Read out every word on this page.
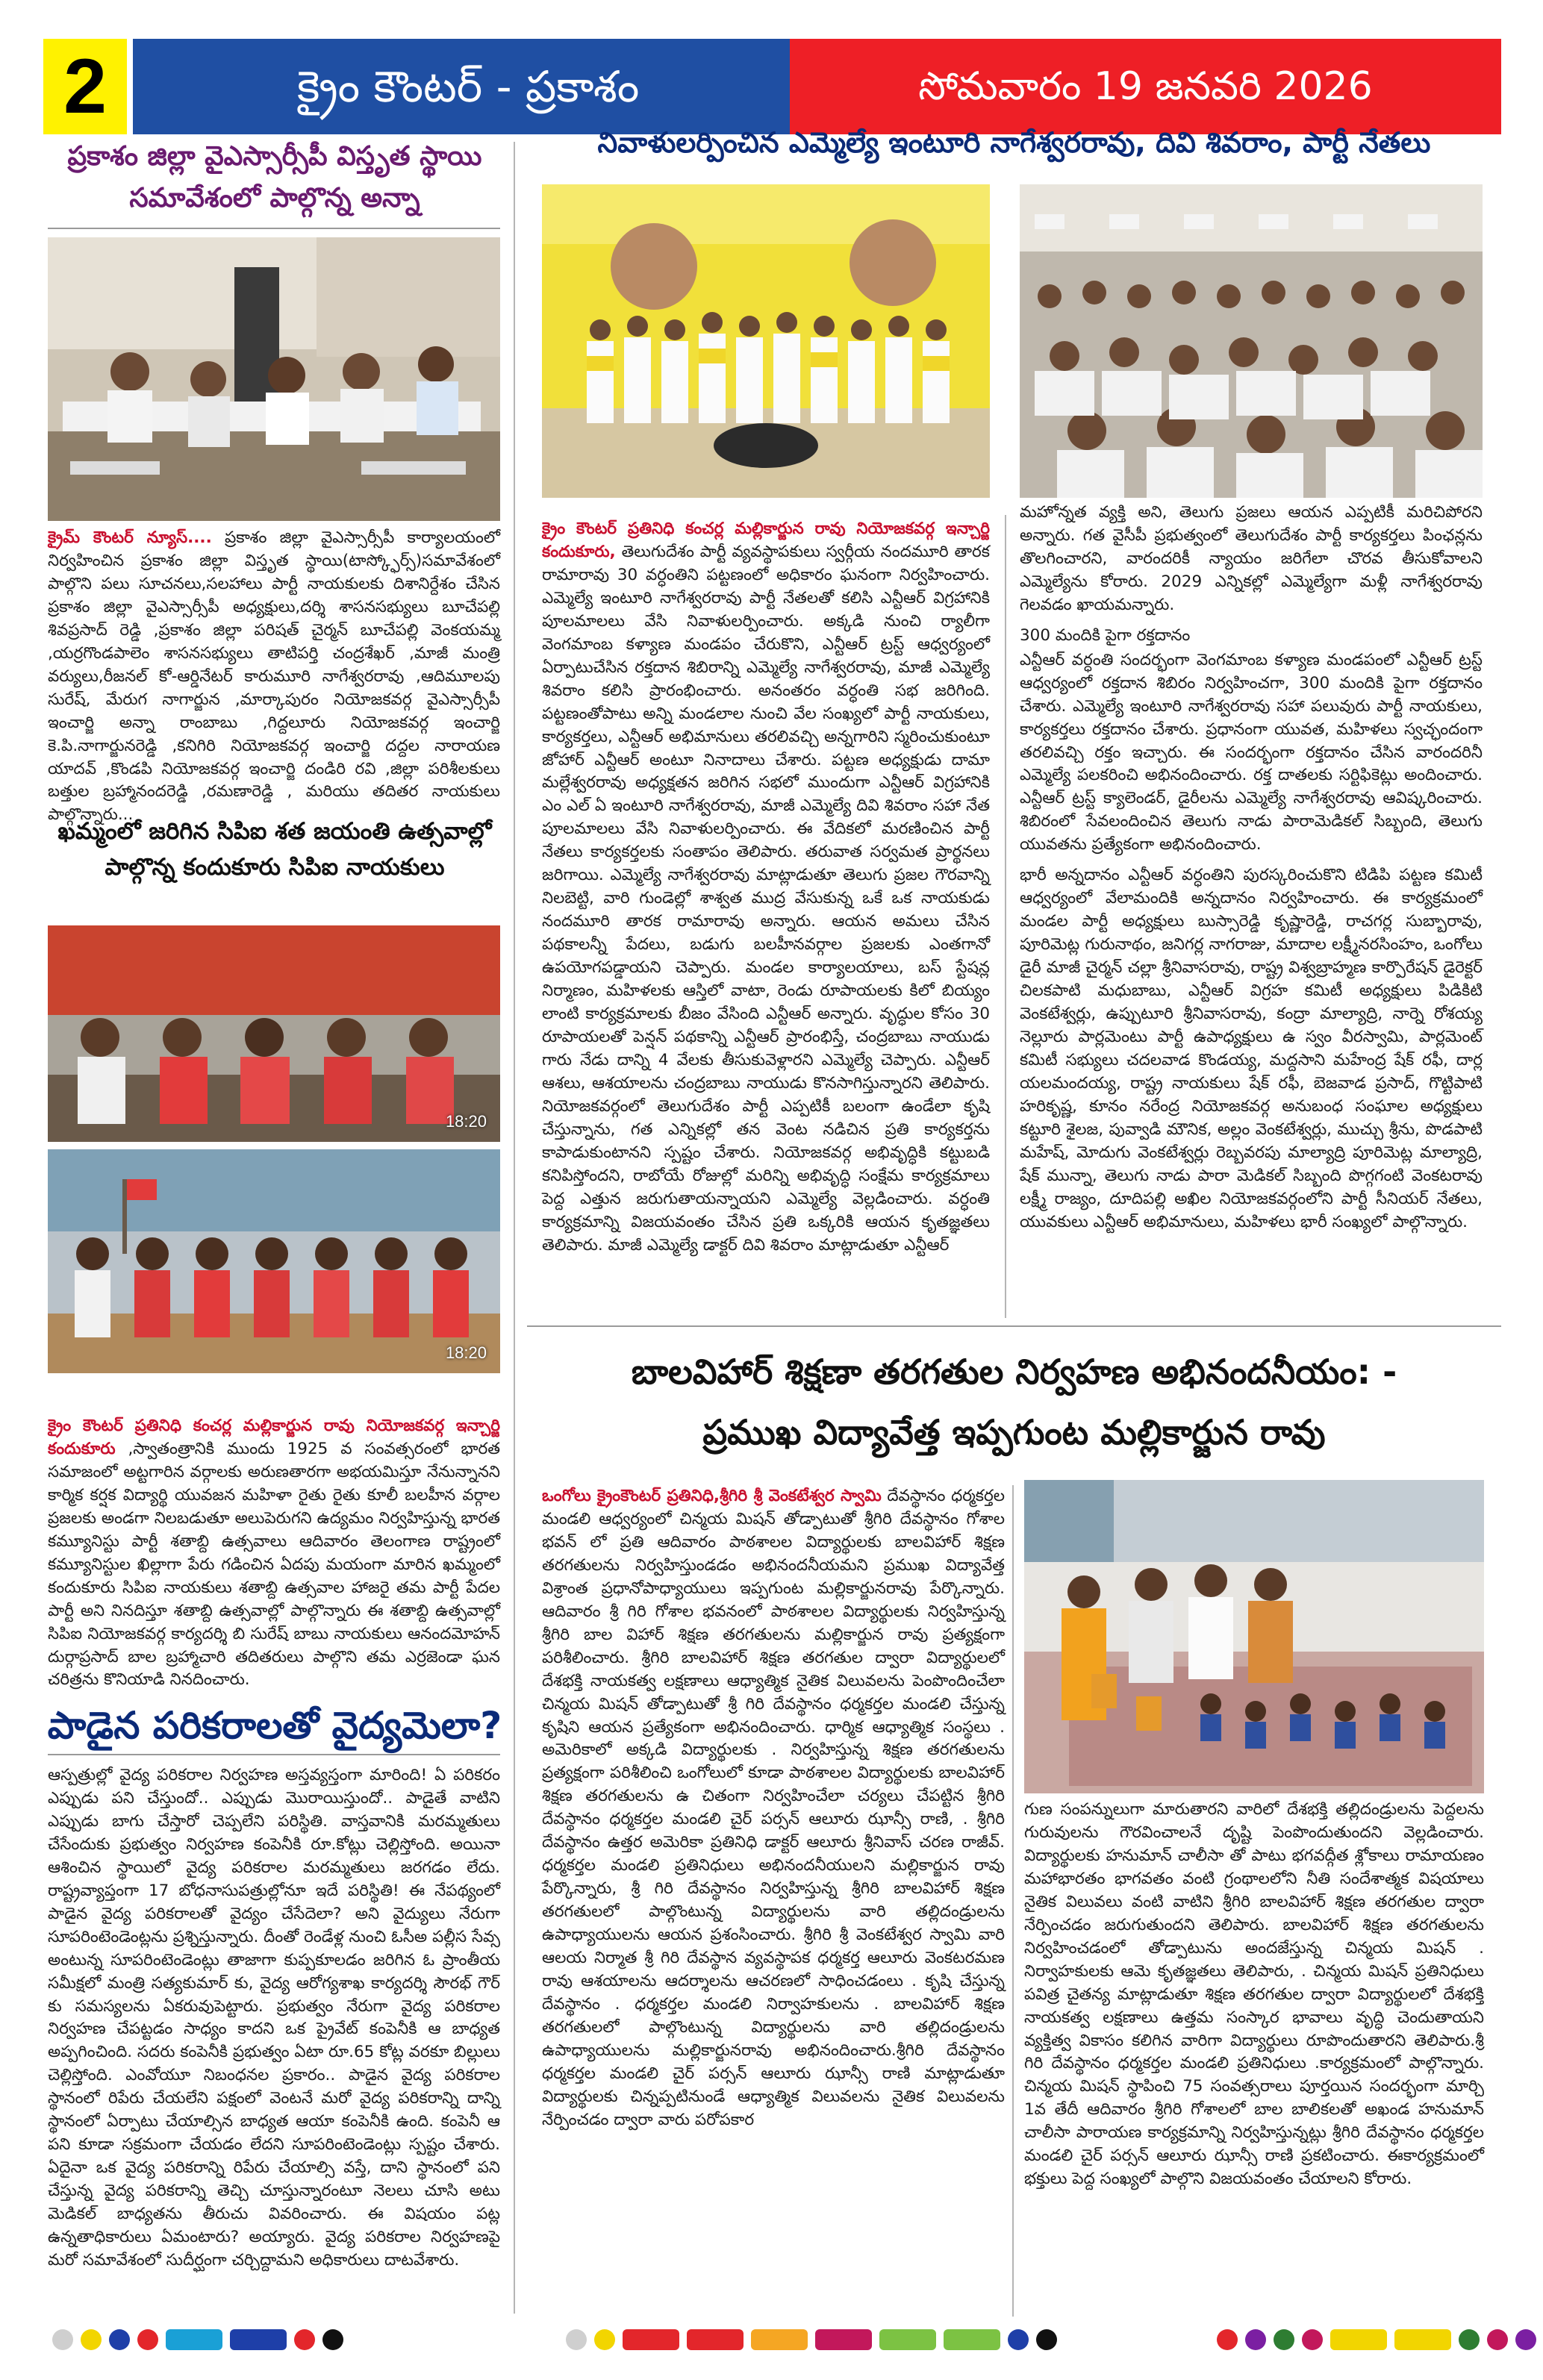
2	క్రైం కౌంటర్ - ప్రకాశం	సోమవారం 19 జనవరి 2026
ప్రకాశం జిల్లా వైఎస్సార్సీపీ విస్తృత స్థాయి
సమావేశంలో పాల్గొన్న అన్నా
క్రైమ్ కౌంటర్ న్యూస్.... ప్రకాశం జిల్లా వైఎస్సార్సీపీ కార్యాలయంలో నిర్వహించిన ప్రకాశం జిల్లా విస్తృత స్థాయి(టాస్క్ఫోర్స్)సమావేశంలో పాల్గొని పలు సూచనలు,సలహాలు పార్టీ నాయకులకు దిశానిర్దేశం చేసిన ప్రకాశం జిల్లా వైఎస్సార్సీపీ అధ్యక్షులు,దర్శి శాసనసభ్యులు బూచేపల్లి శివప్రసాద్ రెడ్డి ,ప్రకాశం జిల్లా పరిషత్ చైర్మన్ బూచేపల్లి వెంకయమ్మ ,యర్రగొండపాలెం శాసనసభ్యులు తాటిపర్తి చంద్రశేఖర్ ,మాజీ మంత్రి వర్యులు,రీజనల్ కో-ఆర్డినేటర్ కారుమూరి నాగేశ్వరరావు ,ఆదిమూలపు సురేష్, మేరుగ నాగార్జున ,మార్కాపురం నియోజకవర్గ వైఎస్సార్సీపీ ఇంచార్జి అన్నా రాంబాబు ,గిద్దలూరు నియోజకవర్గ ఇంచార్జి కె.పి.నాగార్జునరెడ్డి ,కనిగిరి నియోజకవర్గ ఇంచార్జి దద్దల నారాయణ యాదవ్ ,కొండపి నియోజకవర్గ ఇంచార్జి దండిరి రవి ,జిల్లా పరిశీలకులు బత్తుల బ్రహ్మానందరెడ్డి ,రమణారెడ్డి , మరియు తదితర నాయకులు పాల్గొన్నారు...
ఖమ్మంలో జరిగిన సిపిఐ శత జయంతి ఉత్సవాల్లో
పాల్గొన్న కందుకూరు సిపిఐ నాయకులు
18:20
18:20
క్రైం కౌంటర్ ప్రతినిధి కంచర్ల మల్లికార్జున రావు నియోజకవర్గ ఇన్చార్జి కందుకూరు ,స్వాతంత్రానికి ముందు 1925 వ సంవత్సరంలో భారత సమాజంలో అట్టగారిన వర్గాలకు అరుణతారగా అభయమిస్తూ నేనున్నానని కార్మిక కర్షక విద్యార్థి యువజన మహిళా రైతు రైతు కూలీ బలహీన వర్గాల ప్రజలకు అండగా నిలబడుతూ అలుపెరుగని ఉద్యమం నిర్వహిస్తున్న భారత కమ్యూనిస్టు పార్టీ శతాబ్ది ఉత్సవాలు ఆదివారం తెలంగాణ రాష్ట్రంలో కమ్యూనిస్టుల ఖిల్లాగా పేరు గడించిన ఏదపు మయంగా మారిన ఖమ్మంలో కందుకూరు సిపిఐ నాయకులు శతాబ్ది ఉత్సవాల హాజరై తమ పార్టీ పేదల పార్టీ అని నినదిస్తూ శతాబ్ది ఉత్సవాల్లో పాల్గొన్నారు ఈ శతాబ్ది ఉత్సవాల్లో సిపిఐ నియోజకవర్గ కార్యదర్శి బి సురేష్ బాబు నాయకులు ఆనందమోహన్ దుర్గాప్రసాద్ బాల బ్రహ్మాచారి తదితరులు పాల్గొని తమ ఎర్రజెండా ఘన చరిత్రను కొనియాడి నినదించారు.
పాడైన పరికరాలతో వైద్యమెలా?
ఆస్పత్రుల్లో వైద్య పరికరాల నిర్వహణ అస్తవ్యస్తంగా మారింది! ఏ పరికరం ఎప్పుడు పని చేస్తుందో.. ఎప్పుడు మొరాయిస్తుందో.. పాడైతే వాటిని ఎప్పుడు బాగు చేస్తారో చెప్పలేని పరిస్థితి. వాస్తవానికి మరమ్మతులు చేసేందుకు ప్రభుత్వం నిర్వహణ కంపెనీకి రూ.కోట్లు చెల్లిస్తోంది. అయినా ఆశించిన స్థాయిలో వైద్య పరికరాల మరమ్మతులు జరగడం లేదు. రాష్ట్రవ్యాప్తంగా 17 బోధనాసుపత్రుల్లోనూ ఇదే పరిస్థితి! ఈ నేపథ్యంలో పాడైన వైద్య పరికరాలతో వైద్యం చేసేదెలా? అని వైద్యులు నేరుగా సూపరింటెండెంట్లను ప్రశ్నిస్తున్నారు. దీంతో రెండేళ్ల నుంచి ఓసీఅ పల్లీస సేవ్స అంటున్న సూపరింటెండెంట్లు తాజాగా కుప్పకూలడం జరిగిన ఓ ప్రాంతీయ సమీక్షలో మంత్రి సత్యకుమార్ కు, వైద్య ఆరోగ్యశాఖ కార్యదర్శి సౌరభ్ గౌర్ కు సమస్యలను ఏకరువుపెట్టారు. ప్రభుత్వం నేరుగా వైద్య పరికరాల నిర్వహణ చేపట్టడం సాధ్యం కాదని ఒక ప్రైవేట్ కంపెనీకి ఆ బాధ్యత అప్పగించింది. సదరు కంపెనీకి ప్రభుత్వం ఏటా రూ.65 కోట్ల వరకూ బిల్లులు చెల్లిస్తోంది. ఎంవోయూ నిబంధనల ప్రకారం.. పాడైన వైద్య పరికరాల స్థానంలో రిపేరు చేయలేని పక్షంలో వెంటనే మరో వైద్య పరికరాన్ని దాన్ని స్థానంలో ఏర్పాటు చేయాల్సిన బాధ్యత ఆయా కంపెనీకి ఉంది. కంపెనీ ఆ పని కూడా సక్రమంగా చేయడం లేదని సూపరింటెండెంట్లు స్పష్టం చేశారు. ఏదైనా ఒక వైద్య పరికరాన్ని రిపేరు చేయాల్సి వస్తే, దాని స్థానంలో పని చేస్తున్న వైద్య పరికరాన్ని తెచ్చి చూస్తున్నారంటూ నెలలు చూసి అటు మెడికల్ బాధ్యతను తీరుచు వివరించారు. ఈ విషయం పట్ల ఉన్నతాధికారులు ఏమంటారు? అయ్యారు. వైద్య పరికరాల నిర్వహణపై మరో సమావేశంలో సుదీర్ఘంగా చర్చిద్దామని అధికారులు దాటవేశారు.
నివాళులర్పించిన ఎమ్మెల్యే ఇంటూరి నాగేశ్వరరావు, దివి శివరాం, పార్టీ నేతలు
క్రైం కౌంటర్ ప్రతినిధి కంచర్ల మల్లికార్జున రావు నియోజకవర్గ ఇన్చార్జి కందుకూరు, తెలుగుదేశం పార్టీ వ్యవస్థాపకులు స్వర్గీయ నందమూరి తారక రామారావు 30 వర్ధంతిని పట్టణంలో అధికారం ఘనంగా నిర్వహించారు. ఎమ్మెల్యే ఇంటూరి నాగేశ్వరరావు పార్టీ నేతలతో కలిసి ఎన్టీఆర్ విగ్రహానికి పూలమాలలు వేసి నివాళులర్పించారు. అక్కడి నుంచి ర్యాలీగా వెంగమాంబ కళ్యాణ మండపం చేరుకొని, ఎన్టీఆర్ ట్రస్ట్ ఆధ్వర్యంలో ఏర్పాటుచేసిన రక్తదాన శిబిరాన్ని ఎమ్మెల్యే నాగేశ్వరరావు, మాజీ ఎమ్మెల్యే శివరాం కలిసి ప్రారంభించారు. అనంతరం వర్ధంతి సభ జరిగింది. పట్టణంతోపాటు అన్ని మండలాల నుంచి వేల సంఖ్యలో పార్టీ నాయకులు, కార్యకర్తలు, ఎన్టీఆర్ అభిమానులు తరలివచ్చి అన్నగారిని స్మరించుకుంటూ జోహార్ ఎన్టీఆర్ అంటూ నినాదాలు చేశారు. పట్టణ అధ్యక్షుడు దామా మల్లేశ్వరరావు అధ్యక్షతన జరిగిన సభలో ముందుగా ఎన్టీఆర్ విగ్రహానికి ఎం ఎల్ ఏ ఇంటూరి నాగేశ్వరరావు, మాజీ ఎమ్మెల్యే దివి శివరాం సహా నేత పూలమాలలు వేసి నివాళులర్పించారు. ఈ వేదికలో మరణించిన పార్టీ నేతలు కార్యకర్తలకు సంతాపం తెలిపారు. తరువాత సర్వమత ప్రార్థనలు జరిగాయి. ఎమ్మెల్యే నాగేశ్వరరావు మాట్లాడుతూ తెలుగు ప్రజల గౌరవాన్ని నిలబెట్టి, వారి గుండెల్లో శాశ్వత ముద్ర వేసుకున్న ఒకే ఒక నాయకుడు నందమూరి తారక రామారావు అన్నారు. ఆయన అమలు చేసిన పథకాలన్నీ పేదలు, బడుగు బలహీనవర్గాల ప్రజలకు ఎంతగానో ఉపయోగపడ్డాయని చెప్పారు. మండల కార్యాలయాలు, బస్ స్టేషన్ల నిర్మాణం, మహిళలకు ఆస్తిలో వాటా, రెండు రూపాయలకు కిలో బియ్యం లాంటి కార్యక్రమాలకు బీజం వేసింది ఎన్టీఆర్ అన్నారు. వృద్ధుల కోసం 30 రూపాయలతో పెన్షన్ పథకాన్ని ఎన్టీఆర్ ప్రారంభిస్తే, చంద్రబాబు నాయుడు గారు నేడు దాన్ని 4 వేలకు తీసుకువెళ్లారని ఎమ్మెల్యే చెప్పారు. ఎన్టీఆర్ ఆశలు, ఆశయాలను చంద్రబాబు నాయుడు కొనసాగిస్తున్నారని తెలిపారు. నియోజకవర్గంలో తెలుగుదేశం పార్టీ ఎప్పటికీ బలంగా ఉండేలా కృషి చేస్తున్నాను, గత ఎన్నికల్లో తన వెంట నడిచిన ప్రతి కార్యకర్తను కాపాడుకుంటానని స్పష్టం చేశారు. నియోజకవర్గ అభివృద్ధికి కట్టుబడి కనిపిస్తోందని, రాబోయే రోజుల్లో మరిన్ని అభివృద్ధి సంక్షేమ కార్యక్రమాలు పెద్ద ఎత్తున జరుగుతాయన్నాయని ఎమ్మెల్యే వెల్లడించారు. వర్ధంతి కార్యక్రమాన్ని విజయవంతం చేసిన ప్రతి ఒక్కరికి ఆయన కృతజ్ఞతలు తెలిపారు. మాజీ ఎమ్మెల్యే డాక్టర్ దివి శివరాం మాట్లాడుతూ ఎన్టీఆర్

మహోన్నత వ్యక్తి అని, తెలుగు ప్రజలు ఆయన ఎప్పటికీ మరిచిపోరని అన్నారు. గత వైసీపీ ప్రభుత్వంలో తెలుగుదేశం పార్టీ కార్యకర్తలు పింఛన్లను తొలగించారని, వారందరికీ న్యాయం జరిగేలా చొరవ తీసుకోవాలని ఎమ్మెల్యేను కోరారు. 2029 ఎన్నికల్లో ఎమ్మెల్యేగా మళ్లీ నాగేశ్వరరావు గెలవడం ఖాయమన్నారు.

300 మందికి పైగా రక్తదానం

ఎన్టీఆర్ వర్ధంతి సందర్భంగా వెంగమాంబ కళ్యాణ మండపంలో ఎన్టీఆర్ ట్రస్ట్ ఆధ్వర్యంలో రక్తదాన శిబిరం నిర్వహించగా, 300 మందికి పైగా రక్తదానం చేశారు. ఎమ్మెల్యే ఇంటూరి నాగేశ్వరరావు సహా పలువురు పార్టీ నాయకులు, కార్యకర్తలు రక్తదానం చేశారు. ప్రధానంగా యువత, మహిళలు స్వచ్ఛందంగా తరలివచ్చి రక్తం ఇచ్చారు. ఈ సందర్భంగా రక్తదానం చేసిన వారందరినీ ఎమ్మెల్యే పలకరించి అభినందించారు. రక్త దాతలకు సర్టిఫికెట్లు అందించారు. ఎన్టీఆర్ ట్రస్ట్ క్యాలెండర్, డైరీలను ఎమ్మెల్యే నాగేశ్వరరావు ఆవిష్కరించారు. శిబిరంలో సేవలందించిన తెలుగు నాడు పారామెడికల్ సిబ్బంది, తెలుగు యువతను ప్రత్యేకంగా అభినందించారు.

భారీ అన్నదానం ఎన్టీఆర్ వర్ధంతిని పురస్కరించుకొని టిడిపి పట్టణ కమిటీ ఆధ్వర్యంలో వేలామందికి అన్నదానం నిర్వహించారు. ఈ కార్యక్రమంలో మండల పార్టీ అధ్యక్షులు బుస్సారెడ్డి కృష్ణారెడ్డి, రాచగర్ల సుబ్బారావు, పూరిమెట్ల గురునాథం, జనిగర్ల నాగరాజు, మాదాల లక్ష్మీనరసింహం, ఒంగోలు డైరీ మాజీ చైర్మన్ చల్లా శ్రీనివాసరావు, రాష్ట్ర విశ్వబ్రాహ్మణ కార్పొరేషన్ డైరెక్టర్ చిలకపాటి మధుబాబు, ఎన్టీఆర్ విగ్రహ కమిటీ అధ్యక్షులు పిడికిటి వెంకటేశ్వర్లు, ఉప్పుటూరి శ్రీనివాసరావు, కంద్రా మాల్యాద్రి, నార్నె రోశయ్య నెల్లూరు పార్లమెంటు పార్టీ ఉపాధ్యక్షులు ఉ స్వం వీరస్వామి, పార్లమెంట్ కమిటీ సభ్యులు చదలవాడ కొండయ్య, మద్దసాని మహేంద్ర షేక్ రఫీ, దార్ల యలమందయ్య, రాష్ట్ర నాయకులు షేక్ రఫీ, బెజవాడ ప్రసాద్, గొట్టిపాటి హరికృష్ణ, కూనం నరేంద్ర నియోజకవర్గ అనుబంధ సంఘాల అధ్యక్షులు కట్టూరి శైలజ, పువ్వాడి మౌనిక, అల్లం వెంకటేశ్వర్లు, ముచ్చు శ్రీను, పొడపాటి మహేష్, మోదుగు వెంకటేశ్వర్లు రెబ్బవరపు మాల్యాద్రి పూరిమెట్ల మాల్యాద్రి, షేక్ మున్నా, తెలుగు నాడు పారా మెడికల్ సిబ్బంది పొగ్గగంటి వెంకటరావు లక్ష్మీ రాజ్యం, దూదిపల్లి అఖిల నియోజకవర్గంలోని పార్టీ సీనియర్ నేతలు, యువకులు ఎన్టీఆర్ అభిమానులు, మహిళలు భారీ సంఖ్యలో పాల్గొన్నారు.

బాలవిహార్ శిక్షణా తరగతుల నిర్వహణ అభినందనీయం: -
ప్రముఖ విద్యావేత్త ఇప్పగుంట మల్లికార్జున రావు
ఒంగోలు క్రైంకౌంటర్ ప్రతినిధి,శ్రీగిరి శ్రీ వెంకటేశ్వర స్వామి దేవస్థానం ధర్మకర్తల మండలి ఆధ్వర్యంలో చిన్మయ మిషన్ తోడ్పాటుతో శ్రీగిరి దేవస్థానం గోశాల భవన్ లో ప్రతి ఆదివారం పాఠశాలల విద్యార్థులకు బాలవిహార్ శిక్షణ తరగతులను నిర్వహిస్తుండడం అభినందనీయమని ప్రముఖ విద్యావేత్త విశ్రాంత ప్రధానోపాధ్యాయులు ఇప్పగుంట మల్లికార్జునరావు పేర్కొన్నారు. ఆదివారం శ్రీ గిరి గోశాల భవనంలో పాఠశాలల విద్యార్థులకు నిర్వహిస్తున్న శ్రీగిరి బాల విహార్ శిక్షణ తరగతులను మల్లికార్జున రావు ప్రత్యక్షంగా పరిశీలించారు. శ్రీగిరి బాలవిహార్ శిక్షణ తరగతుల ద్వారా విద్యార్థులలో దేశభక్తి నాయకత్వ లక్షణాలు ఆధ్యాత్మిక నైతిక విలువలను పెంపొందించేలా చిన్మయ మిషన్ తోడ్పాటుతో శ్రీ గిరి దేవస్థానం ధర్మకర్తల మండలి చేస్తున్న కృషిని ఆయన ప్రత్యేకంగా అభినందించారు. ధార్మిక ఆధ్యాత్మిక సంస్థలు . అమెరికాలో అక్కడి విద్యార్థులకు . నిర్వహిస్తున్న శిక్షణ తరగతులను ప్రత్యక్షంగా పరిశీలించి ఒంగోలులో కూడా పాఠశాలల విద్యార్థులకు బాలవిహార్ శిక్షణ తరగతులను ఉ చితంగా నిర్వహించేలా చర్యలు చేపట్టిన శ్రీగిరి దేవస్థానం ధర్మకర్తల మండలి చైర్ పర్సన్ ఆలూరు ఝాన్సీ రాణి, . శ్రీగిరి దేవస్థానం ఉత్తర అమెరికా ప్రతినిధి డాక్టర్ ఆలూరు శ్రీనివాస్ చరణ రాజీవ్. ధర్మకర్తల మండలి ప్రతినిధులు అభినందనీయులని మల్లికార్జున రావు పేర్కొన్నారు, శ్రీ గిరి దేవస్థానం నిర్వహిస్తున్న శ్రీగిరి బాలవిహార్ శిక్షణ తరగతులలో పాల్గొంటున్న విద్యార్థులను వారి తల్లిదండ్రులను ఉపాధ్యాయులను ఆయన ప్రశంసించారు. శ్రీగిరి శ్రీ వెంకటేశ్వర స్వామి వారి ఆలయ నిర్మాత శ్రీ గిరి దేవస్థాన వ్యవస్థాపక ధర్మకర్త ఆలూరు వెంకటరమణ రావు ఆశయాలను ఆదర్శాలను ఆచరణలో సాధించడంలు . కృషి చేస్తున్న దేవస్థానం . ధర్మకర్తల మండలి నిర్వాహకులను . బాలవిహార్ శిక్షణ తరగతులలో పాల్గొంటున్న విద్యార్థులను వారి తల్లిదండ్రులను ఉపాధ్యాయులను మల్లికార్జునరావు అభినందించారు.శ్రీగిరి దేవస్థానం ధర్మకర్తల మండలి చైర్ పర్సన్ ఆలూరు ఝాన్సీ రాణి మాట్లాడుతూ విద్యార్థులకు చిన్నప్పటినుండే ఆధ్యాత్మిక విలువలను నైతిక విలువలను నేర్పించడం ద్వారా వారు పరోపకార
గుణ సంపన్నులుగా మారుతారని వారిలో దేశభక్తి తల్లిదండ్రులను పెద్దలను గురువులను గౌరవించాలనే దృష్టి పెంపొందుతుందని వెల్లడించారు. విద్యార్థులకు హనుమాన్ చాలీసా తో పాటు భగవద్గీత శ్లోకాలు రామాయణం మహాభారతం భాగవతం వంటి గ్రంథాలలోని నీతి సందేశాత్మక విషయాలు నైతిక విలువలు వంటి వాటిని శ్రీగిరి బాలవిహార్ శిక్షణ తరగతుల ద్వారా నేర్పించడం జరుగుతుందని తెలిపారు. బాలవిహార్ శిక్షణ తరగతులను నిర్వహించడంలో తోడ్పాటును అందజేస్తున్న చిన్మయ మిషన్ . నిర్వాహకులకు ఆమె కృతజ్ఞతలు తెలిపారు, . చిన్మయ మిషన్ ప్రతినిధులు పవిత్ర చైతన్య మాట్లాడుతూ శిక్షణ తరగతుల ద్వారా విద్యార్థులలో దేశభక్తి నాయకత్వ లక్షణాలు ఉత్తమ సంస్కార భావాలు వృద్ధి చెందుతాయని వ్యక్తిత్వ వికాసం కలిగిన వారిగా విద్యార్థులు రూపొందుతారని తెలిపారు.శ్రీ గిరి దేవస్థానం ధర్మకర్తల మండలి ప్రతినిధులు .కార్యక్రమంలో పాల్గొన్నారు. చిన్మయ మిషన్ స్థాపించి 75 సంవత్సరాలు పూర్తయిన సందర్భంగా మార్చి 1వ తేదీ ఆదివారం శ్రీగిరి గోశాలలో బాల బాలికలతో అఖండ హనుమాన్ చాలీసా పారాయణ కార్యక్రమాన్ని నిర్వహిస్తున్నట్లు శ్రీగిరి దేవస్థానం ధర్మకర్తల మండలి చైర్ పర్సన్ ఆలూరు ఝాన్సీ రాణి ప్రకటించారు. ఈకార్యక్రమంలో భక్తులు పెద్ద సంఖ్యలో పాల్గొని విజయవంతం చేయాలని కోరారు.
